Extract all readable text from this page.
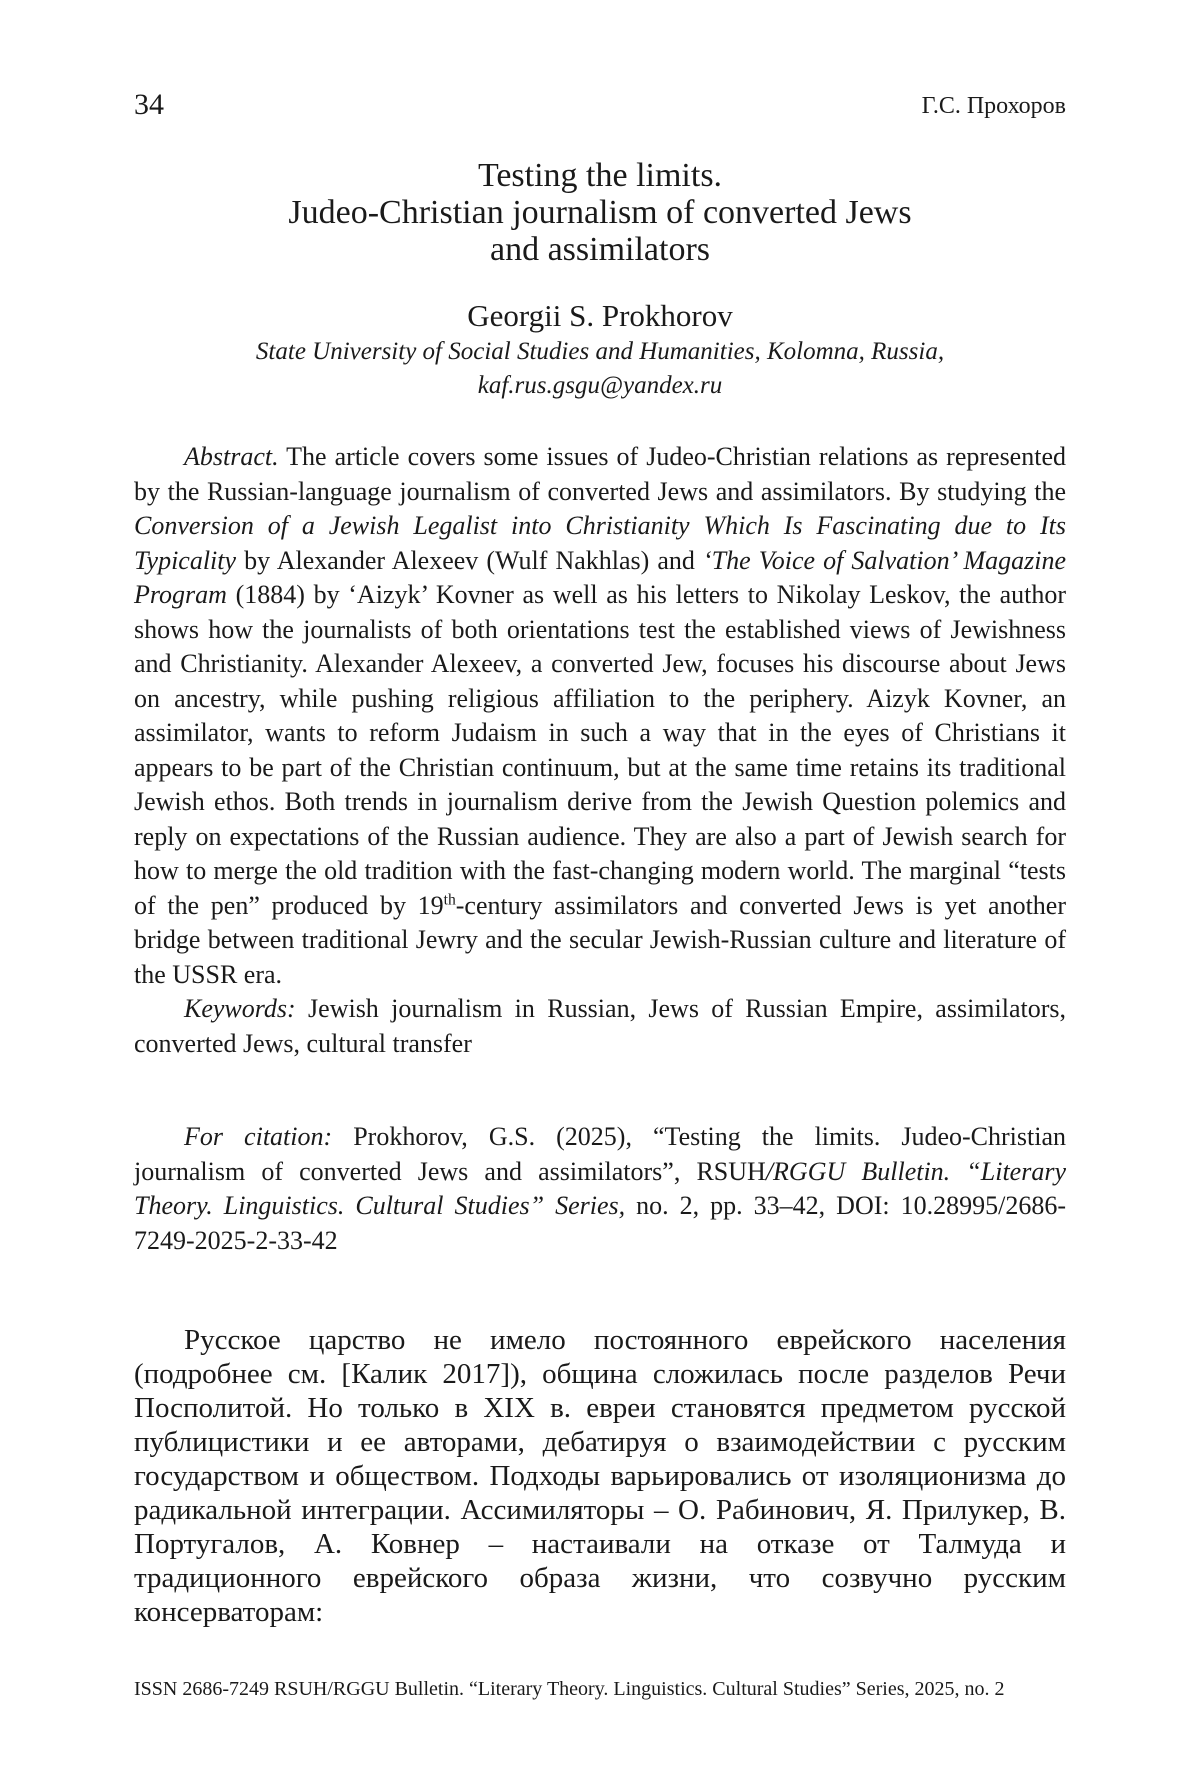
34	Г.С. Прохоров
Testing the limits.
Judeo-Christian journalism of converted Jews
and assimilators
Georgii S. Prokhorov
State University of Social Studies and Humanities, Kolomna, Russia,
kaf.rus.gsgu@yandex.ru

Abstract. The article covers some issues of Judeo-Christian relations as represented by the Russian-language journalism of converted Jews and assimilators. By studying the Conversion of a Jewish Legalist into Christianity Which Is Fascinating due to Its Typicality by Alexander Alexeev (Wulf Nakhlas) and ‘The Voice of Salvation’ Magazine Program (1884) by ‘Aizyk’ Kovner as well as his letters to Nikolay Leskov, the author shows how the journalists of both orientations test the established views of Jewishness and Christianity. Alexander Alexeev, a converted Jew, focuses his discourse about Jews on ancestry, while pushing religious affiliation to the periphery. Aizyk Kovner, an assimilator, wants to reform Judaism in such a way that in the eyes of Christians it appears to be part of the Christian continuum, but at the same time retains its traditional Jewish ethos. Both trends in journalism derive from the Jewish Question polemics and reply on expectations of the Russian audience. They are also a part of Jewish search for how to merge the old tradition with the fast-changing modern world. The marginal “tests of the pen” produced by 19th-century assimilators and converted Jews is yet another bridge between traditional Jewry and the secular Jewish-Russian culture and literature of the USSR era.

Keywords: Jewish journalism in Russian, Jews of Russian Empire, assimilators, converted Jews, cultural transfer

For citation: Prokhorov, G.S. (2025), “Testing the limits. Judeo-Christian journalism of converted Jews and assimilators”, RSUH/RGGU Bulletin. “Literary Theory. Linguistics. Cultural Studies” Series, no. 2, pp. 33–42, DOI: 10.28995/2686-7249-2025-2-33-42

Русское царство не имело постоянного еврейского населения (подробнее см. [Калик 2017]), община сложилась после разделов Речи Посполитой. Но только в XIX в. евреи становятся предметом русской публицистики и ее авторами, дебатируя о взаимодействии с русским государством и обществом. Подходы варьировались от изоляционизма до радикальной интеграции. Ассимиляторы – О. Рабинович, Я. Прилукер, В. Португалов, А. Ковнер – настаивали на отказе от Талмуда и традиционного еврейского образа жизни, что созвучно русским консерваторам:

ISSN 2686-7249 RSUH/RGGU Bulletin. “Literary Theory. Linguistics. Cultural Studies” Series, 2025, no. 2
